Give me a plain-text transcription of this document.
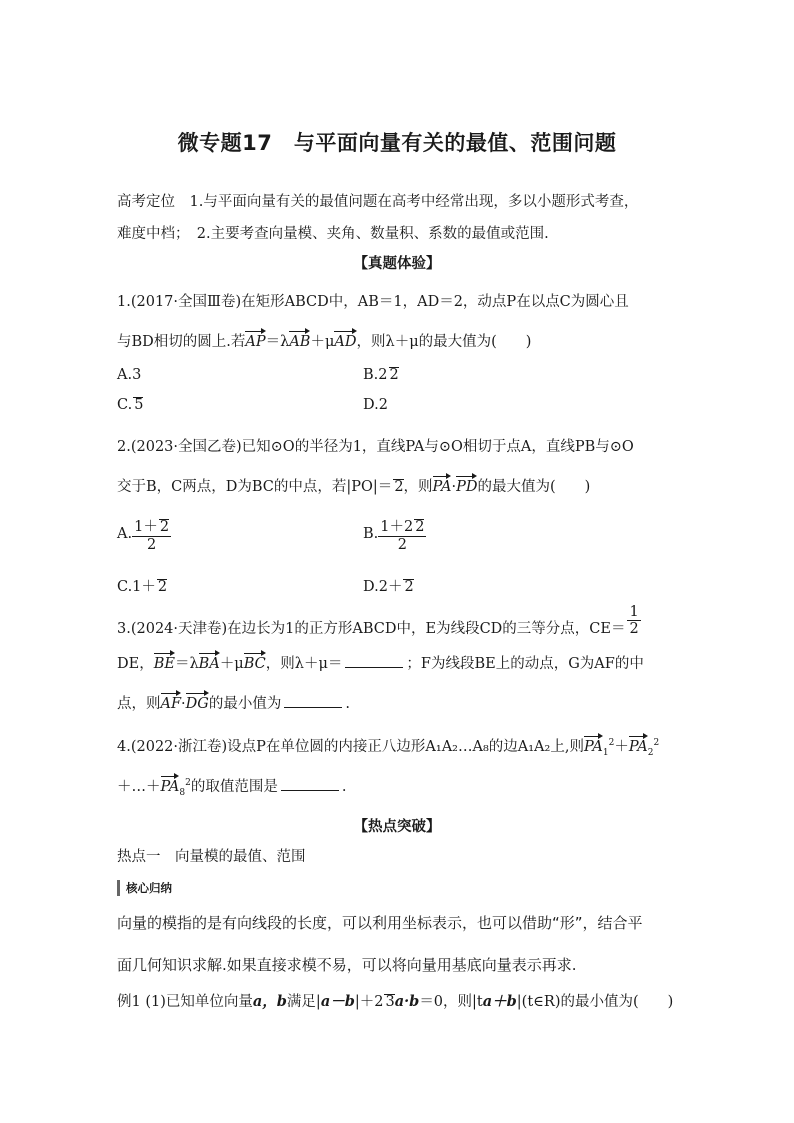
微专题17　与平面向量有关的最值、范围问题
高考定位　1.与平面向量有关的最值问题在高考中经常出现，多以小题形式考查，
难度中档；　2.主要考查向量模、夹角、数量积、系数的最值或范围.
【真题体验】
1.(2017·全国Ⅲ卷)在矩形ABCD中，AB＝1，AD＝2，动点P在以点C为圆心且
与BD相切的圆上.若AP＝λAB＋μAD，则λ＋μ的最大值为(　　)
A.3	B.2 2
C. 5	D.2
2.(2023·全国乙卷)已知⊙O的半径为1，直线PA与⊙O相切于点A，直线PB与⊙O
交于B，C两点，D为BC的中点，若|PO|＝ 2，则PA·PD的最大值为(　　)
A. $\frac{1+ 2}{2}$	B. $\frac{1+2 2}{2}$
C.1＋ 2	D.2＋ 2
3.(2024·天津卷)在边长为1的正方形ABCD中，E为线段CD的三等分点，$CE= \frac{1}{2}$
DE，BE＝λBA＋μBC，则λ＋μ＝	；F为线段BE上的动点，G为AF的中
点，则AF·DG的最小值为	.
4.(2022·浙江卷)设点P在单位圆的内接正八边形A₁A₂…A₈的边A₁A₂上,则$PA_1^2+PA_2^2$
$+\dots+PA_8^2$的取值范围是	.
【热点突破】
热点一　向量模的最值、范围
核心归纳
向量的模指的是有向线段的长度，可以利用坐标表示，也可以借助“形”，结合平
面几何知识求解.如果直接求模不易，可以将向量用基底向量表示再求.
例1 (1)已知单位向量a，b满足|a－b|＋2 3a·b＝0，则|ta＋b|(t∈R)的最小值为(　　)
